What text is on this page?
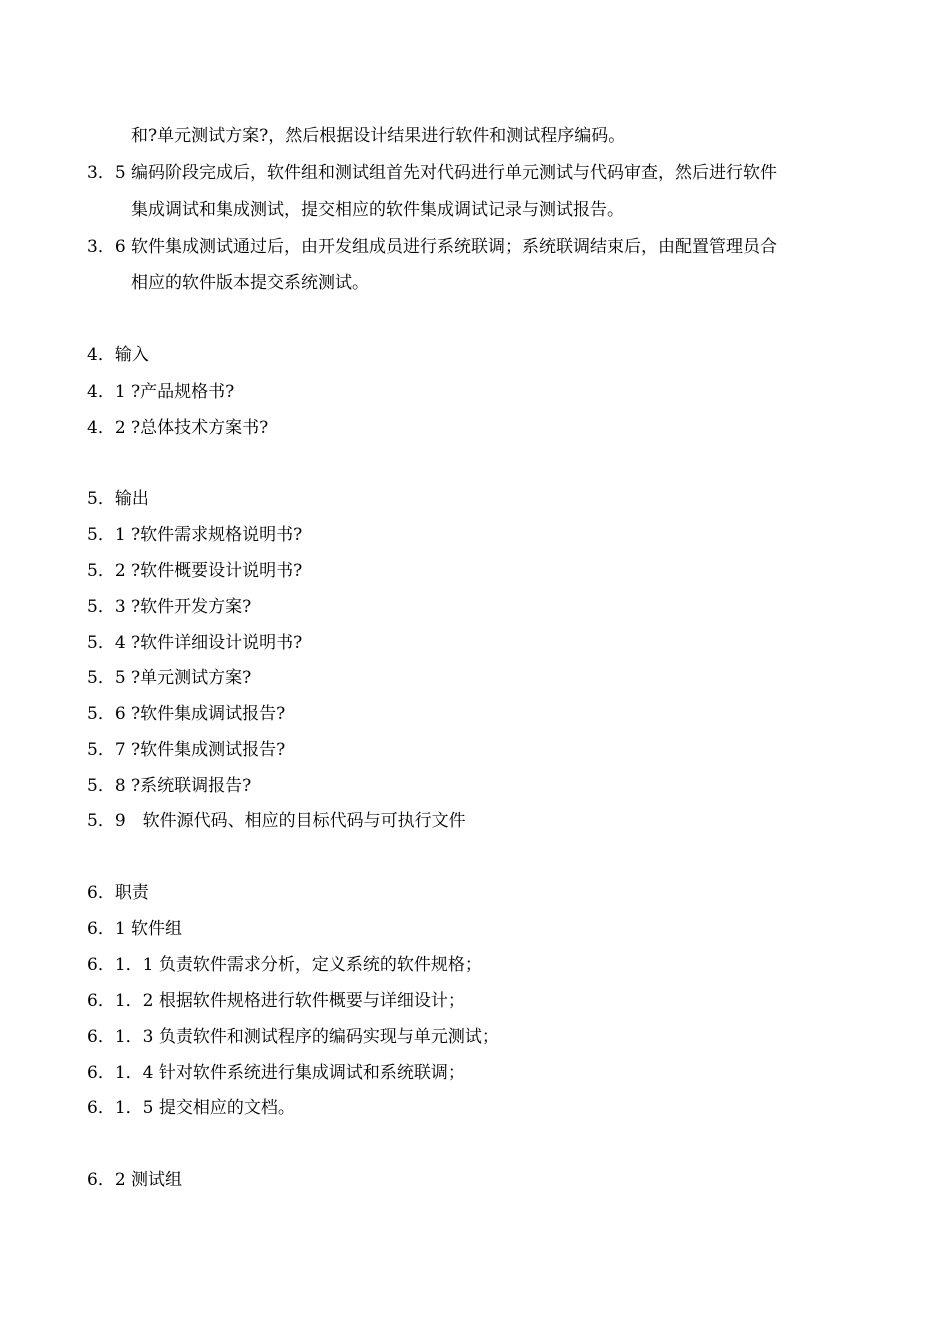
和?单元测试方案?，然后根据设计结果进行软件和测试程序编码。
3．5 编码阶段完成后，软件组和测试组首先对代码进行单元测试与代码审查，然后进行软件
集成调试和集成测试，提交相应的软件集成调试记录与测试报告。
3．6 软件集成测试通过后，由开发组成员进行系统联调；系统联调结束后，由配置管理员合
相应的软件版本提交系统测试。
4．输入
4．1 ?产品规格书?
4．2 ?总体技术方案书?
5．输出
5．1 ?软件需求规格说明书?
5．2 ?软件概要设计说明书?
5．3 ?软件开发方案?
5．4 ?软件详细设计说明书?
5．5 ?单元测试方案?
5．6 ?软件集成调试报告?
5．7 ?软件集成测试报告?
5．8 ?系统联调报告?
5．9　软件源代码、相应的目标代码与可执行文件
6．职责
6．1 软件组
6．1．1 负责软件需求分析，定义系统的软件规格；
6．1．2 根据软件规格进行软件概要与详细设计；
6．1．3 负责软件和测试程序的编码实现与单元测试；
6．1．4 针对软件系统进行集成调试和系统联调；
6．1．5 提交相应的文档。
6．2 测试组
